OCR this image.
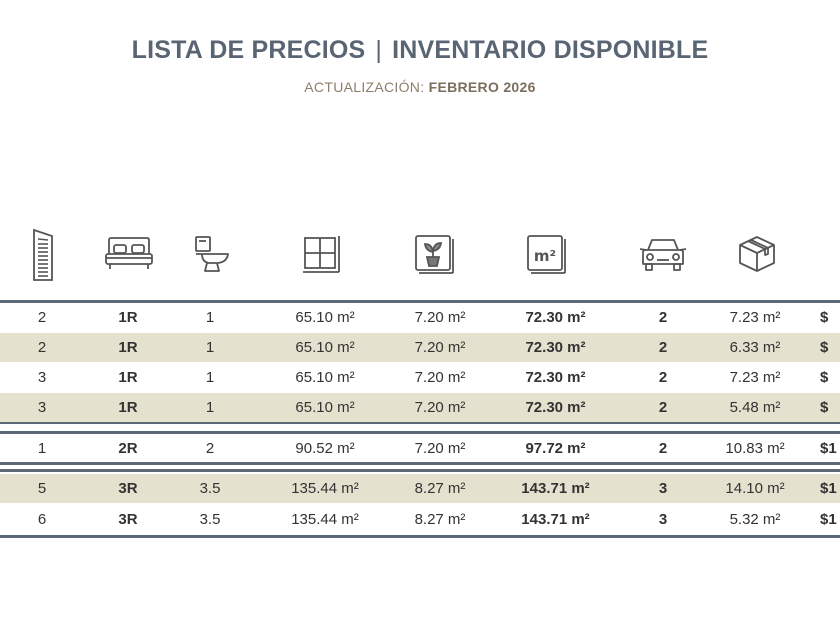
LISTA DE PRECIOS | INVENTARIO DISPONIBLE
ACTUALIZACIÓN: FEBRERO 2026
m²
2	1R	1	65.10 m²	7.20 m²	72.30 m²	2	7.23 m²	$
2	1R	1	65.10 m²	7.20 m²	72.30 m²	2	6.33 m²	$
3	1R	1	65.10 m²	7.20 m²	72.30 m²	2	7.23 m²	$
3	1R	1	65.10 m²	7.20 m²	72.30 m²	2	5.48 m²	$
1	2R	2	90.52 m²	7.20 m²	97.72 m²	2	10.83 m²	$1
5	3R	3.5	135.44 m²	8.27 m²	143.71 m²	3	14.10 m²	$1
6	3R	3.5	135.44 m²	8.27 m²	143.71 m²	3	5.32 m²	$1
